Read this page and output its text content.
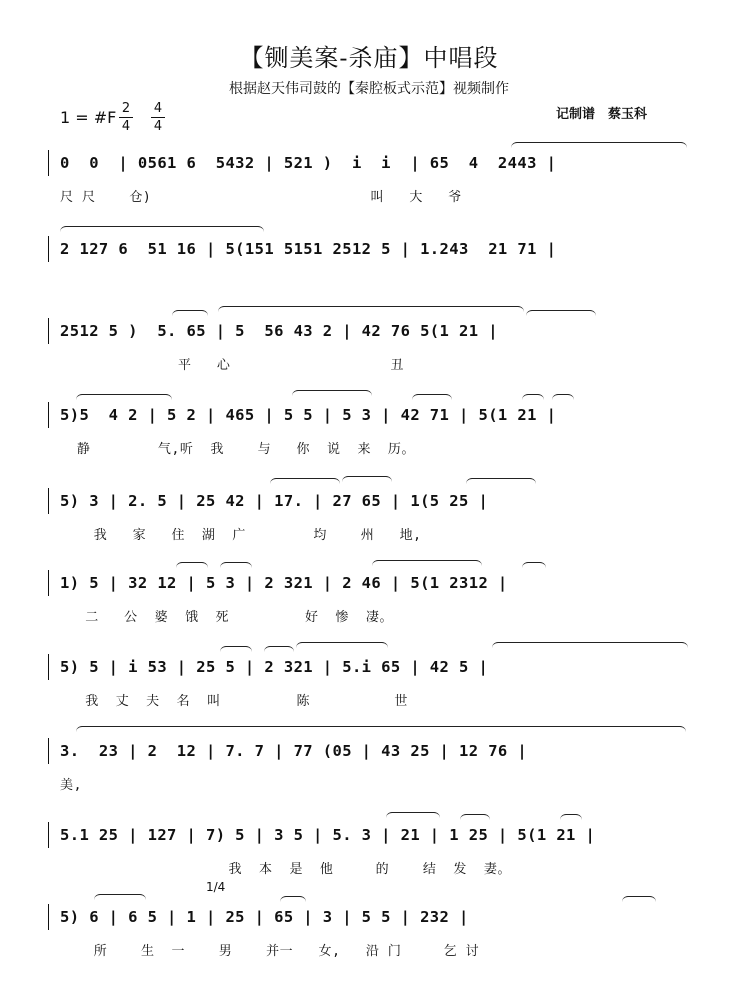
【铡美案-杀庙】中唱段
根据赵天伟司鼓的【秦腔板式示范】视频制作
记制谱　蔡玉科
1 = #F 2
4
4
4
1/4
0  0  | 0561 6  5432 | 521 )  i  i  | 65  4  2443 |
尺 尺    仓)                          叫   大   爷
2 127 6  51 16 | 5(151 5151 2512 5 | 1.243  21 71 |
2512 5 )  5. 65 | 5  56 43 2 | 42 76 5(1 21 |
平   心                   丑
5)5  4 2 | 5 2 | 465 | 5 5 | 5 3 | 42 71 | 5(1 21 |
静        气,听  我    与   你  说  来  历。
5) 3 | 2. 5 | 25 42 | 17. | 27 65 | 1(5 25 |
我   家   住  湖  广        均    州   地,
1) 5 | 32 12 | 5 3 | 2 321 | 2 46 | 5(1 2312 |
二   公  婆  饿  死         好  惨  凄。
5) 5 | i 53 | 25 5 | 2 321 | 5.i 65 | 42 5 |
我  丈  夫  名  叫         陈          世
3.  23 | 2  12 | 7. 7 | 77 (05 | 43 25 | 12 76 |
美,
5.1 25 | 127 | 7) 5 | 3 5 | 5. 3 | 21 | 1 25 | 5(1 21 |
我  本  是  他     的    结  发  妻。
5) 6 | 6 5 | 1 | 25 | 65 | 3 | 5 5 | 232 |
所    生  一    男    并一   女,   沿 门     乞 讨
